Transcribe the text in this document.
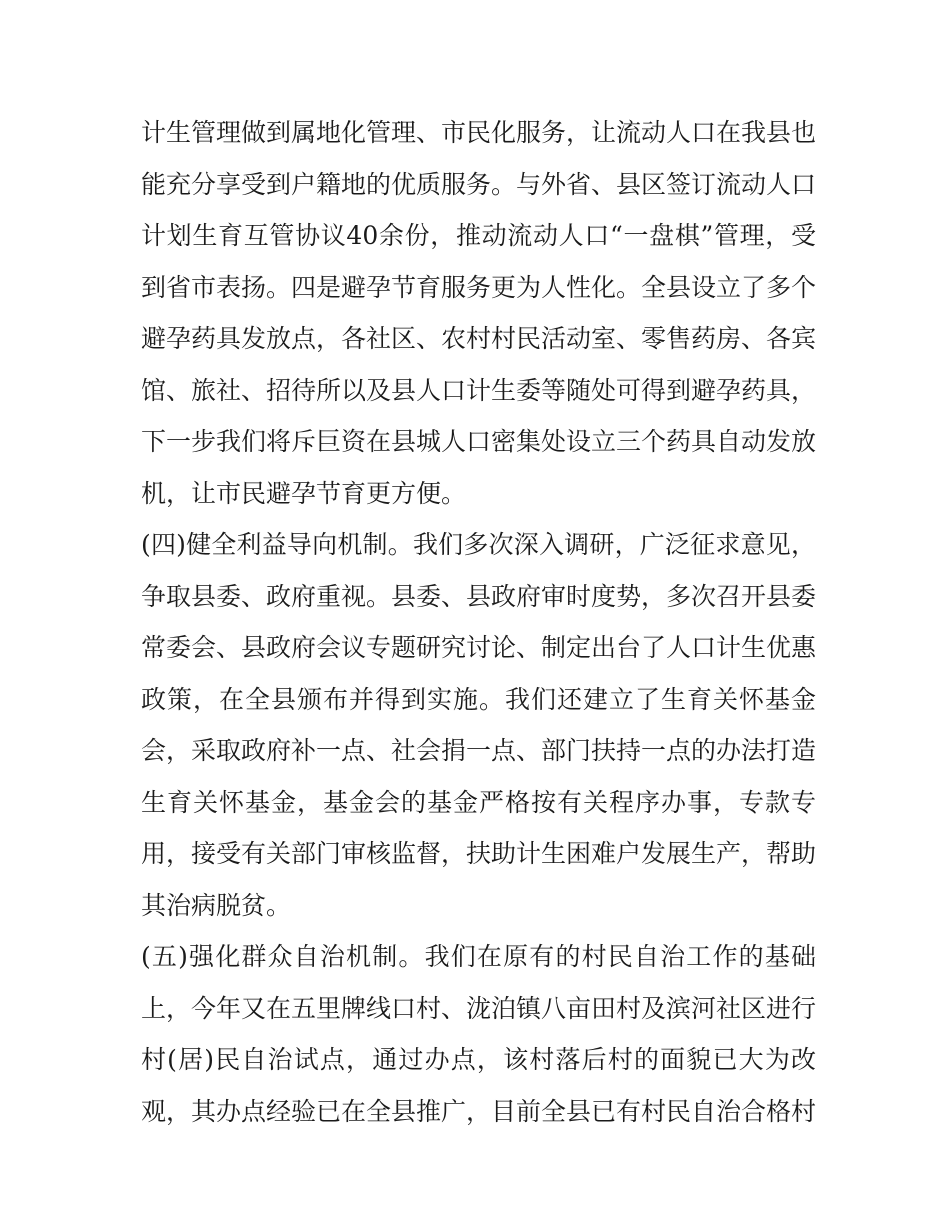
计生管理做到属地化管理、市民化服务，让流动人口在我县也
能充分享受到户籍地的优质服务。与外省、县区签订流动人口
计划生育互管协议40余份，推动流动人口“一盘棋”管理，受
到省市表扬。四是避孕节育服务更为人性化。全县设立了多个
避孕药具发放点，各社区、农村村民活动室、零售药房、各宾
馆、旅社、招待所以及县人口计生委等随处可得到避孕药具，
下一步我们将斥巨资在县城人口密集处设立三个药具自动发放
机，让市民避孕节育更方便。
(四)健全利益导向机制。我们多次深入调研，广泛征求意见，
争取县委、政府重视。县委、县政府审时度势，多次召开县委
常委会、县政府会议专题研究讨论、制定出台了人口计生优惠
政策，在全县颁布并得到实施。我们还建立了生育关怀基金
会，采取政府补一点、社会捐一点、部门扶持一点的办法打造
生育关怀基金，基金会的基金严格按有关程序办事，专款专
用，接受有关部门审核监督，扶助计生困难户发展生产，帮助
其治病脱贫。
(五)强化群众自治机制。我们在原有的村民自治工作的基础
上，今年又在五里牌线口村、泷泊镇八亩田村及滨河社区进行
村(居)民自治试点，通过办点，该村落后村的面貌已大为改
观，其办点经验已在全县推广，目前全县已有村民自治合格村
